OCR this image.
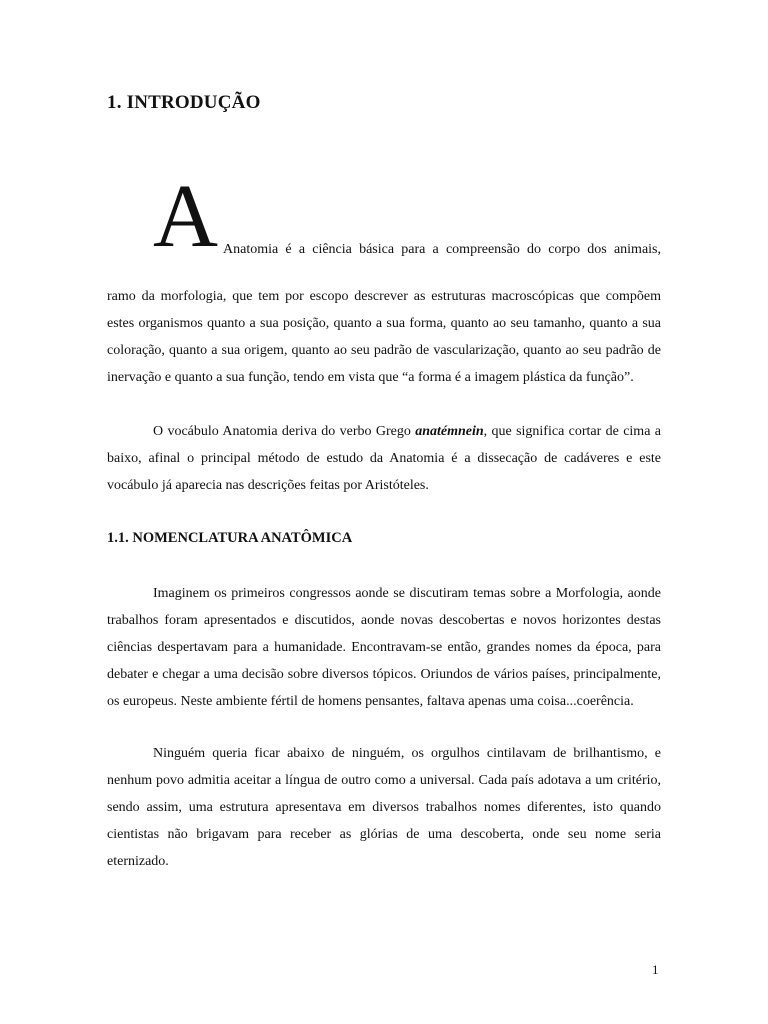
1. INTRODUÇÃO
A Anatomia é a ciência básica para a compreensão do corpo dos animais,

ramo da morfologia, que tem por escopo descrever as estruturas macroscópicas que compõem estes organismos quanto a sua posição, quanto a sua forma, quanto ao seu tamanho, quanto a sua coloração, quanto a sua origem, quanto ao seu padrão de vascularização, quanto ao seu padrão de inervação e quanto a sua função, tendo em vista que “a forma é a imagem plástica da função”.

O vocábulo Anatomia deriva do verbo Grego anatémnein, que significa cortar de cima a baixo, afinal o principal método de estudo da Anatomia é a dissecação de cadáveres e este vocábulo já aparecia nas descrições feitas por Aristóteles.

1.1. NOMENCLATURA ANATÔMICA

Imaginem os primeiros congressos aonde se discutiram temas sobre a Morfologia, aonde trabalhos foram apresentados e discutidos, aonde novas descobertas e novos horizontes destas ciências despertavam para a humanidade. Encontravam-se então, grandes nomes da época, para debater e chegar a uma decisão sobre diversos tópicos. Oriundos de vários países, principalmente, os europeus. Neste ambiente fértil de homens pensantes, faltava apenas uma coisa...coerência.

Ninguém queria ficar abaixo de ninguém, os orgulhos cintilavam de brilhantismo, e nenhum povo admitia aceitar a língua de outro como a universal. Cada país adotava a um critério, sendo assim, uma estrutura apresentava em diversos trabalhos nomes diferentes, isto quando cientistas não brigavam para receber as glórias de uma descoberta, onde seu nome seria eternizado.

1
